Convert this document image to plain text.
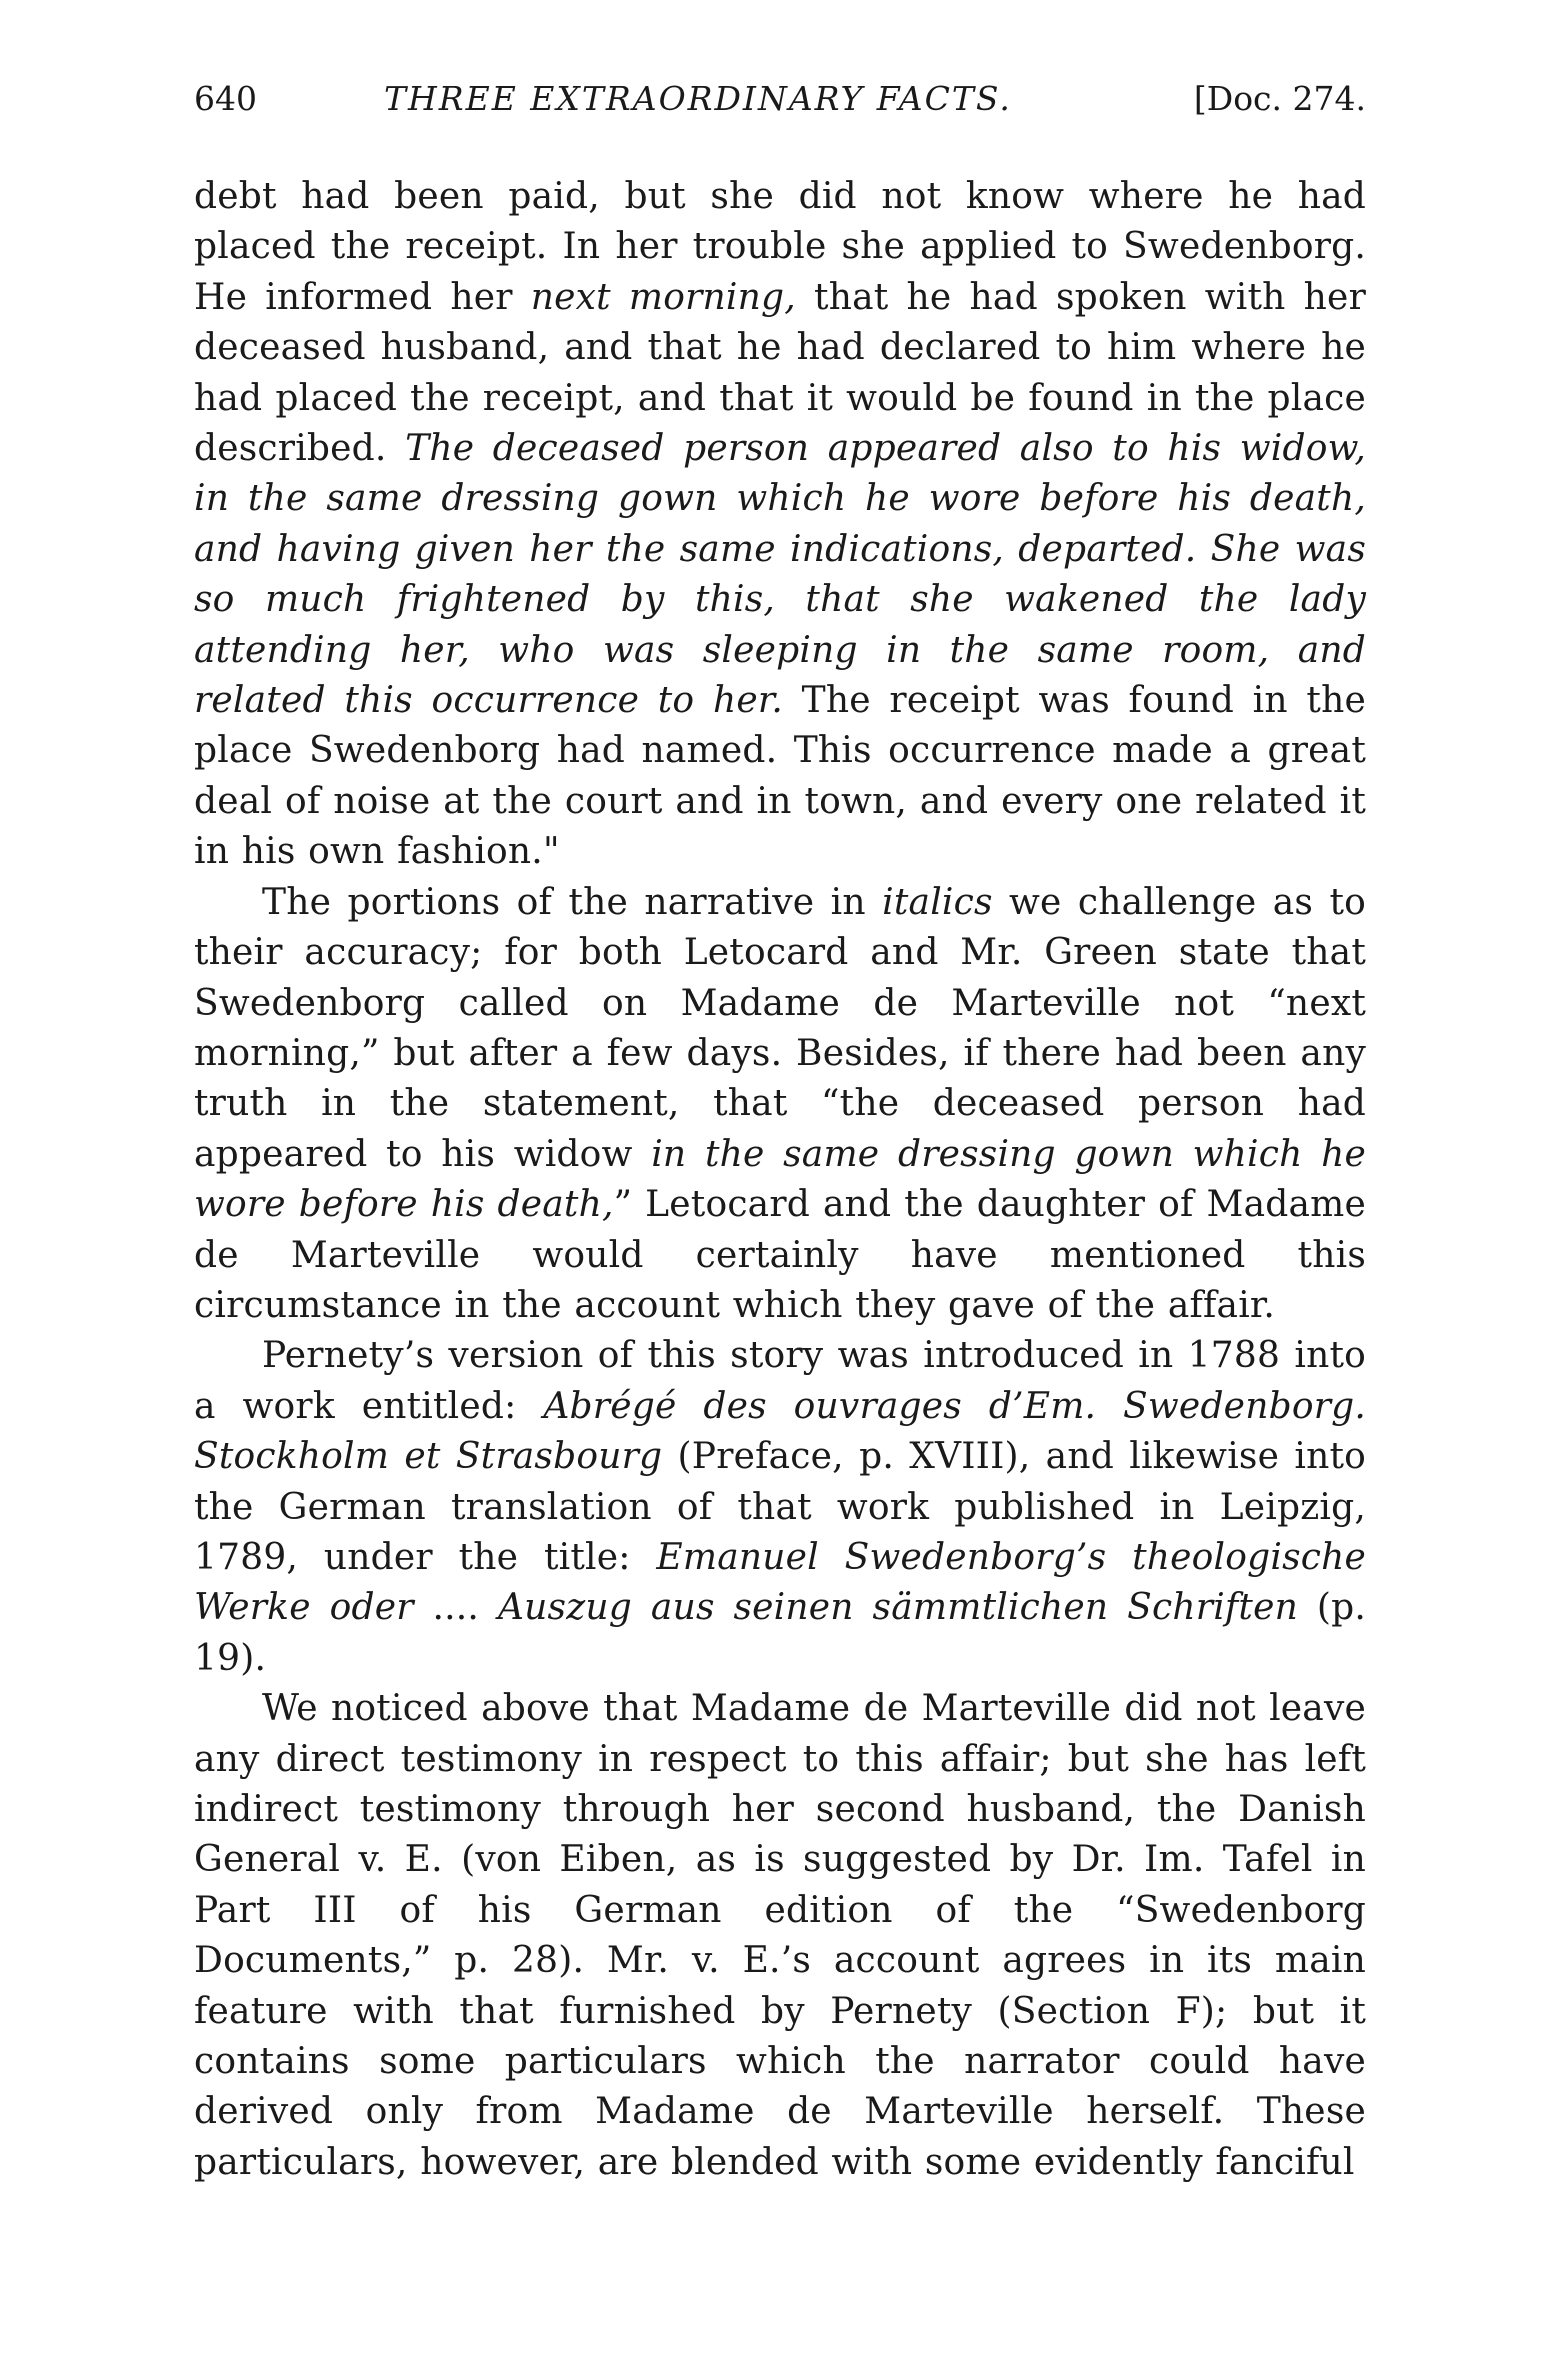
640	THREE EXTRAORDINARY FACTS.	[Doc. 274.

debt had been paid, but she did not know where he had placed the receipt. In her trouble she applied to Swedenborg. He informed her next morning, that he had spoken with her deceased husband, and that he had declared to him where he had placed the receipt, and that it would be found in the place described. The deceased person appeared also to his widow, in the same dressing gown which he wore before his death, and having given her the same indications, departed. She was so much frightened by this, that she wakened the lady attending her, who was sleeping in the same room, and related this occurrence to her. The receipt was found in the place Swedenborg had named. This occurrence made a great deal of noise at the court and in town, and every one related it in his own fashion."

The portions of the narrative in italics we challenge as to their accuracy; for both Letocard and Mr. Green state that Swedenborg called on Madame de Marteville not “next morning,” but after a few days. Besides, if there had been any truth in the statement, that “the deceased person had appeared to his widow in the same dressing gown which he wore before his death,” Letocard and the daughter of Madame de Marteville would certainly have mentioned this circumstance in the account which they gave of the affair.

Pernety’s version of this story was introduced in 1788 into a work entitled: Abrégé des ouvrages d’Em. Swedenborg. Stockholm et Strasbourg (Preface, p. XVIII), and likewise into the German translation of that work published in Leipzig, 1789, under the title: Emanuel Swedenborg’s theologische Werke oder .... Auszug aus seinen sämmtlichen Schriften (p. 19).

We noticed above that Madame de Marteville did not leave any direct testimony in respect to this affair; but she has left indirect testimony through her second husband, the Danish General v. E. (von Eiben, as is suggested by Dr. Im. Tafel in Part III of his German edition of the “Swedenborg Documents,” p. 28). Mr. v. E.’s account agrees in its main feature with that furnished by Pernety (Section F); but it contains some particulars which the narrator could have derived only from Madame de Marteville herself. These particulars, however, are blended with some evidently fanciful
